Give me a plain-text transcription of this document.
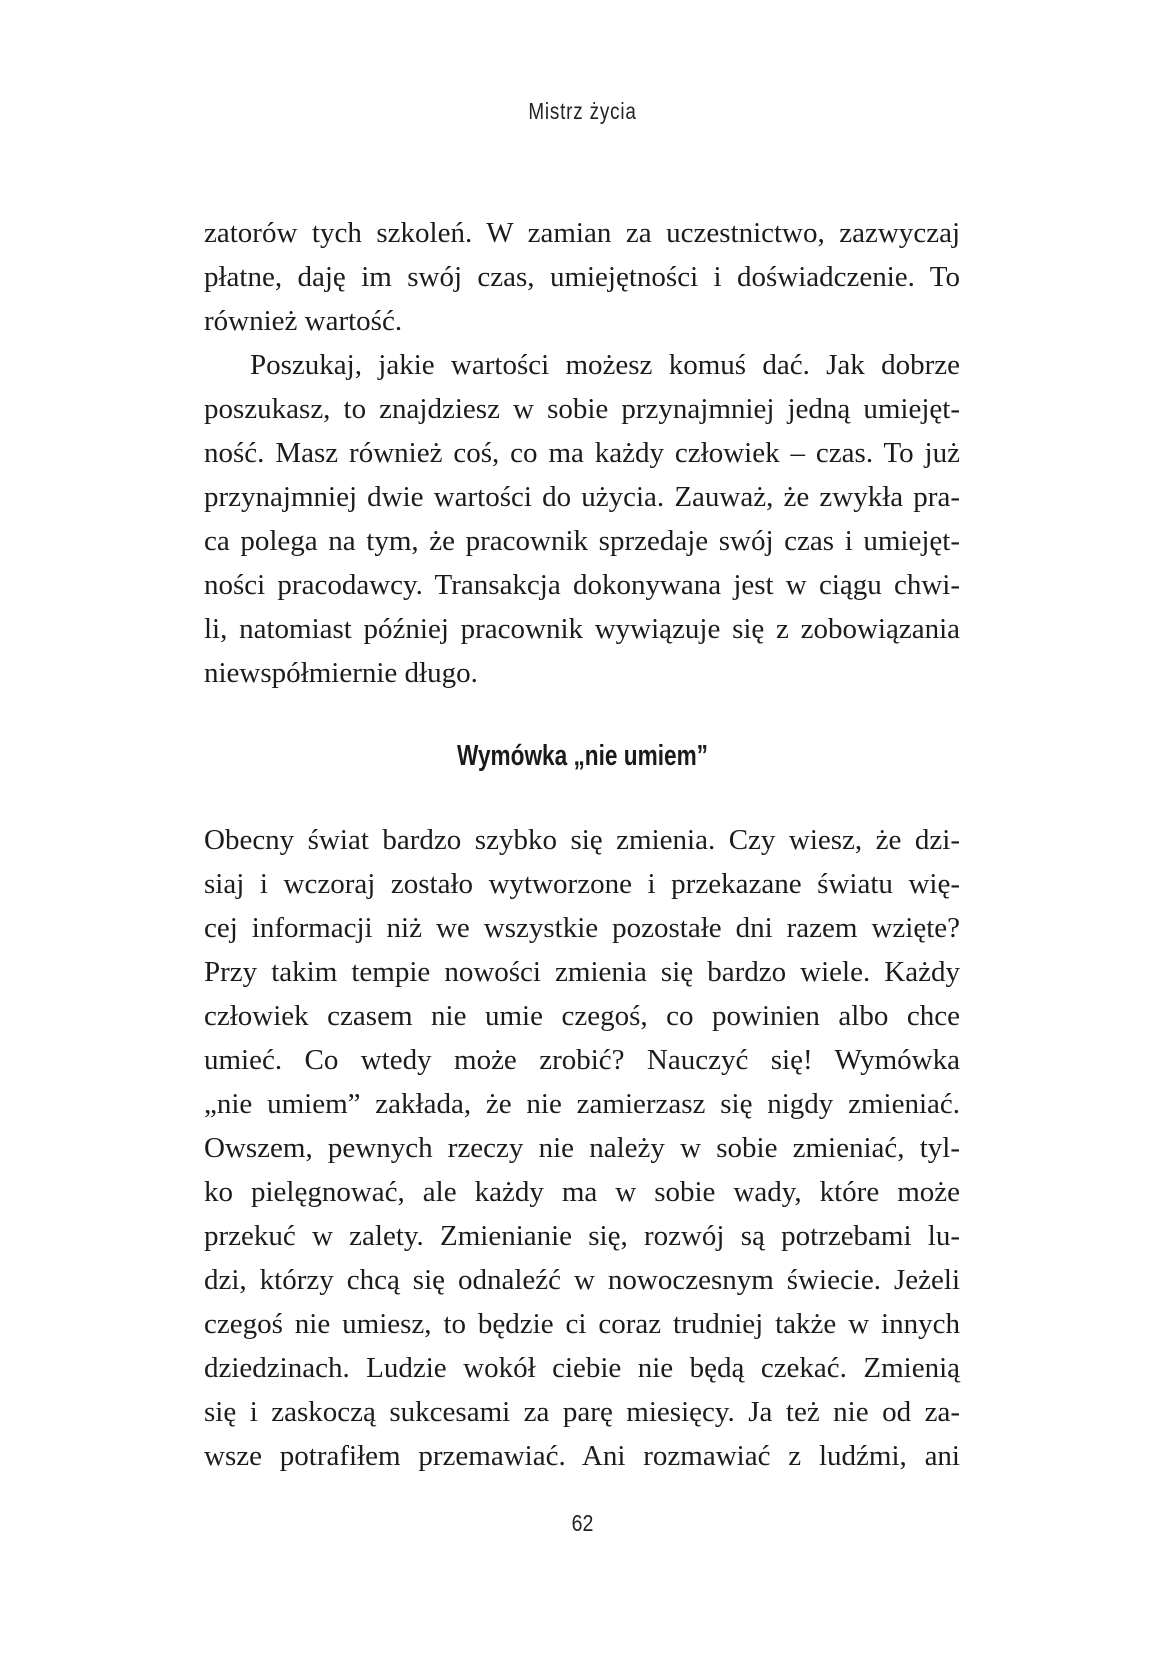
Mistrz życia
zatorów tych szkoleń. W zamian za uczestnictwo, zazwyczaj
płatne, daję im swój czas, umiejętności i doświadczenie. To
również wartość.
Poszukaj, jakie wartości możesz komuś dać. Jak dobrze
poszukasz, to znajdziesz w sobie przynajmniej jedną umiejęt-
ność. Masz również coś, co ma każdy człowiek – czas. To już
przynajmniej dwie wartości do użycia. Zauważ, że zwykła pra-
ca polega na tym, że pracownik sprzedaje swój czas i umiejęt-
ności pracodawcy. Transakcja dokonywana jest w ciągu chwi-
li, natomiast później pracownik wywiązuje się z zobowiązania
niewspółmiernie długo.
Wymówka „nie umiem”
Obecny świat bardzo szybko się zmienia. Czy wiesz, że dzi-
siaj i wczoraj zostało wytworzone i przekazane światu wię-
cej informacji niż we wszystkie pozostałe dni razem wzięte?
Przy takim tempie nowości zmienia się bardzo wiele. Każdy
człowiek czasem nie umie czegoś, co powinien albo chce
umieć. Co wtedy może zrobić? Nauczyć się! Wymówka
„nie umiem” zakłada, że nie zamierzasz się nigdy zmieniać.
Owszem, pewnych rzeczy nie należy w sobie zmieniać, tyl-
ko pielęgnować, ale każdy ma w sobie wady, które może
przekuć w zalety. Zmienianie się, rozwój są potrzebami lu-
dzi, którzy chcą się odnaleźć w nowoczesnym świecie. Jeżeli
czegoś nie umiesz, to będzie ci coraz trudniej także w innych
dziedzinach. Ludzie wokół ciebie nie będą czekać. Zmienią
się i zaskoczą sukcesami za parę miesięcy. Ja też nie od za-
wsze potrafiłem przemawiać. Ani rozmawiać z ludźmi, ani
62
